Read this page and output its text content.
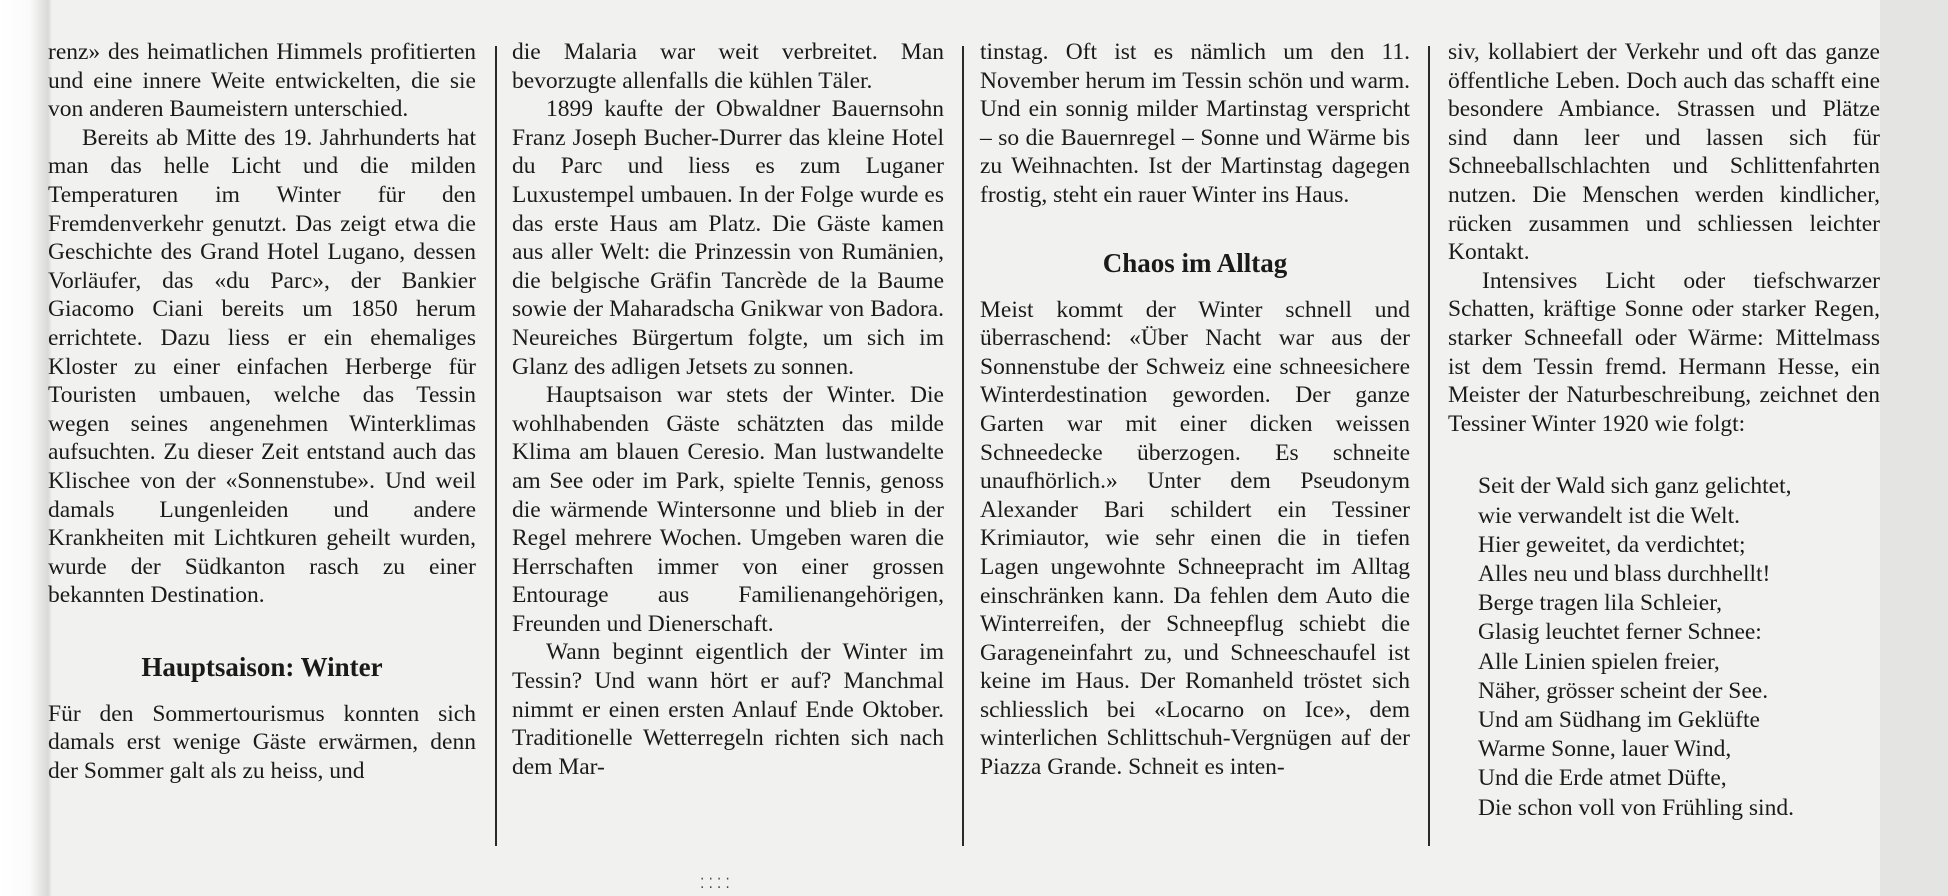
renz» des heimatlichen Himmels profitierten und eine innere Weite entwickelten, die sie von anderen Baumeistern unterschied.

Bereits ab Mitte des 19. Jahrhunderts hat man das helle Licht und die milden Temperaturen im Winter für den Fremdenverkehr genutzt. Das zeigt etwa die Geschichte des Grand Hotel Lugano, dessen Vorläufer, das «du Parc», der Bankier Giacomo Ciani bereits um 1850 herum errichtete. Dazu liess er ein ehemaliges Kloster zu einer einfachen Herberge für Touristen umbauen, welche das Tessin wegen seines angenehmen Winterklimas aufsuchten. Zu dieser Zeit entstand auch das Klischee von der «Sonnenstube». Und weil damals Lungenleiden und andere Krankheiten mit Lichtkuren geheilt wurden, wurde der Südkanton rasch zu einer bekannten Destination.

Hauptsaison: Winter

Für den Sommertourismus konnten sich damals erst wenige Gäste erwärmen, denn der Sommer galt als zu heiss, und

die Malaria war weit verbreitet. Man bevorzugte allenfalls die kühlen Täler.

1899 kaufte der Obwaldner Bauernsohn Franz Joseph Bucher-Durrer das kleine Hotel du Parc und liess es zum Luganer Luxustempel umbauen. In der Folge wurde es das erste Haus am Platz. Die Gäste kamen aus aller Welt: die Prinzessin von Rumänien, die belgische Gräfin Tancrède de la Baume sowie der Maharadscha Gnikwar von Badora. Neureiches Bürgertum folgte, um sich im Glanz des adligen Jetsets zu sonnen.

Hauptsaison war stets der Winter. Die wohlhabenden Gäste schätzten das milde Klima am blauen Ceresio. Man lustwandelte am See oder im Park, spielte Tennis, genoss die wärmende Wintersonne und blieb in der Regel mehrere Wochen. Umgeben waren die Herrschaften immer von einer grossen Entourage aus Familienangehörigen, Freunden und Dienerschaft.

Wann beginnt eigentlich der Winter im Tessin? Und wann hört er auf? Manchmal nimmt er einen ersten Anlauf Ende Oktober. Traditionelle Wetterregeln richten sich nach dem Mar-

tinstag. Oft ist es nämlich um den 11. November herum im Tessin schön und warm. Und ein sonnig milder Martinstag verspricht – so die Bauernregel – Sonne und Wärme bis zu Weihnachten. Ist der Martinstag dagegen frostig, steht ein rauer Winter ins Haus.

Chaos im Alltag

Meist kommt der Winter schnell und überraschend: «Über Nacht war aus der Sonnenstube der Schweiz eine schneesichere Winterdestination geworden. Der ganze Garten war mit einer dicken weissen Schneedecke überzogen. Es schneite unaufhörlich.» Unter dem Pseudonym Alexander Bari schildert ein Tessiner Krimiautor, wie sehr einen die in tiefen Lagen ungewohnte Schneepracht im Alltag einschränken kann. Da fehlen dem Auto die Winterreifen, der Schneepflug schiebt die Garageneinfahrt zu, und Schneeschaufel ist keine im Haus. Der Romanheld tröstet sich schliesslich bei «Locarno on Ice», dem winterlichen Schlittschuh-Vergnügen auf der Piazza Grande. Schneit es inten-

siv, kollabiert der Verkehr und oft das ganze öffentliche Leben. Doch auch das schafft eine besondere Ambiance. Strassen und Plätze sind dann leer und lassen sich für Schneeballschlachten und Schlittenfahrten nutzen. Die Menschen werden kindlicher, rücken zusammen und schliessen leichter Kontakt.

Intensives Licht oder tiefschwarzer Schatten, kräftige Sonne oder starker Regen, starker Schneefall oder Wärme: Mittelmass ist dem Tessin fremd. Hermann Hesse, ein Meister der Naturbeschreibung, zeichnet den Tessiner Winter 1920 wie folgt:

Seit der Wald sich ganz gelichtet,
wie verwandelt ist die Welt.
Hier geweitet, da verdichtet;
Alles neu und blass durchhellt!
Berge tragen lila Schleier,
Glasig leuchtet ferner Schnee:
Alle Linien spielen freier,
Näher, grösser scheint der See.
Und am Südhang im Geklüfte
Warme Sonne, lauer Wind,
Und die Erde atmet Düfte,
Die schon voll von Frühling sind.
⁚⁚⁚⁚
